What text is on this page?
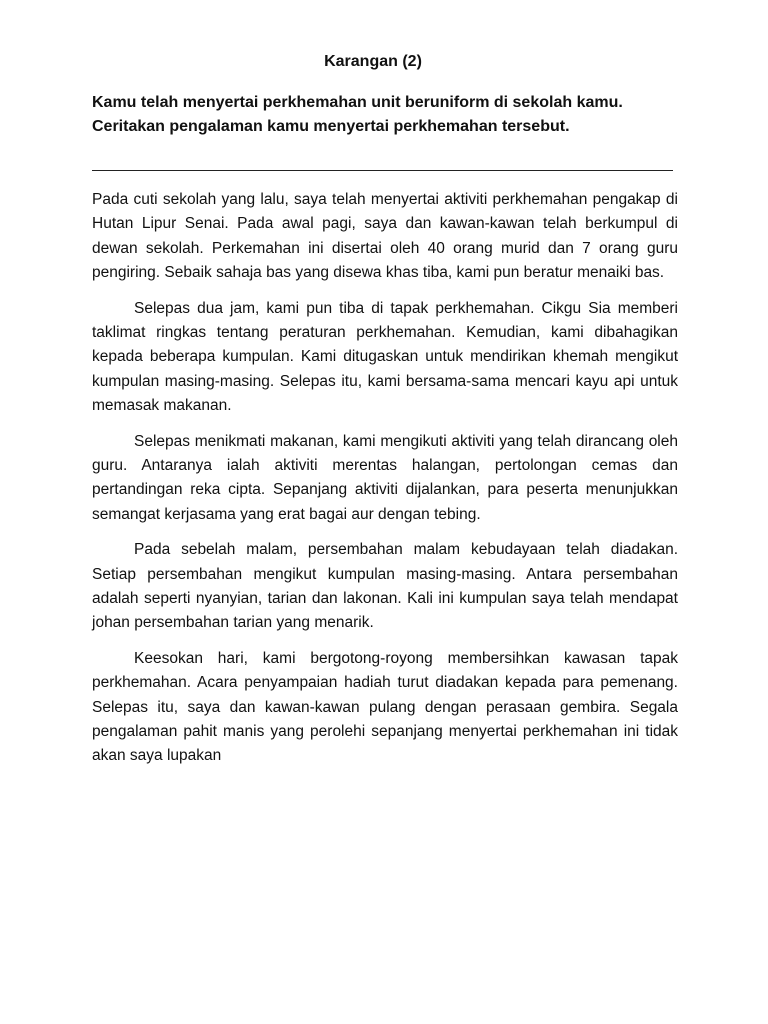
Karangan (2)
Kamu telah menyertai perkhemahan unit beruniform di sekolah kamu.
Ceritakan pengalaman kamu menyertai perkhemahan tersebut.

Pada cuti sekolah yang lalu, saya telah menyertai aktiviti perkhemahan pengakap di Hutan Lipur Senai. Pada awal pagi, saya dan kawan-kawan telah berkumpul di dewan sekolah. Perkemahan ini disertai oleh 40 orang murid dan 7 orang guru pengiring. Sebaik sahaja bas yang disewa khas tiba, kami pun beratur menaiki bas.

Selepas dua jam, kami pun tiba di tapak perkhemahan. Cikgu Sia memberi taklimat ringkas tentang peraturan perkhemahan. Kemudian, kami dibahagikan kepada beberapa kumpulan. Kami ditugaskan untuk mendirikan khemah mengikut kumpulan masing-masing. Selepas itu, kami bersama-sama mencari kayu api untuk memasak makanan.

Selepas menikmati makanan, kami mengikuti aktiviti yang telah dirancang oleh guru. Antaranya ialah aktiviti merentas halangan, pertolongan cemas dan pertandingan reka cipta. Sepanjang aktiviti dijalankan, para peserta menunjukkan semangat kerjasama yang erat bagai aur dengan tebing.

Pada sebelah malam, persembahan malam kebudayaan telah diadakan. Setiap persembahan mengikut kumpulan masing-masing. Antara persembahan adalah seperti nyanyian, tarian dan lakonan. Kali ini kumpulan saya telah mendapat johan persembahan tarian yang menarik.

Keesokan hari, kami bergotong-royong membersihkan kawasan tapak perkhemahan. Acara penyampaian hadiah turut diadakan kepada para pemenang. Selepas itu, saya dan kawan-kawan pulang dengan perasaan gembira. Segala pengalaman pahit manis yang perolehi sepanjang menyertai perkhemahan ini tidak akan saya lupakan
